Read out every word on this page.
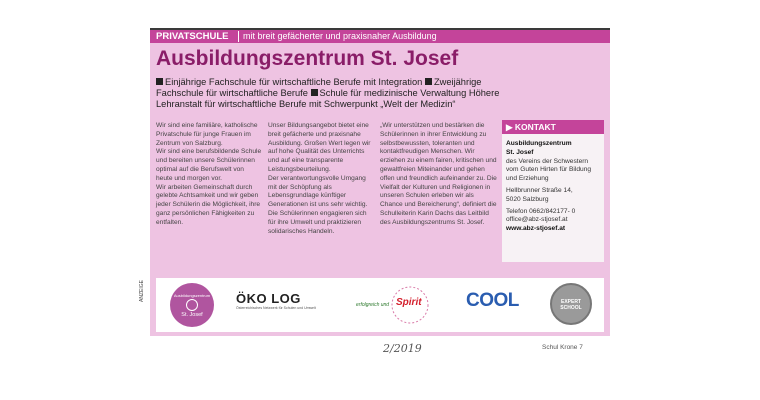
PRIVATSCHULE mit breit gefächerter und praxisnaher Ausbildung
Ausbildungszentrum St. Josef
Einjährige Fachschule für wirtschaftliche Berufe mit Integration Zweijährige Fachschule für wirtschaftliche Berufe Schule für medizinische Verwaltung Höhere Lehranstalt für wirtschaftliche Berufe mit Schwerpunkt „Welt der Medizin“

Wir sind eine familiäre, katholische Privatschule für junge Frauen im Zentrum von Salzburg.

Wir sind eine berufsbildende Schule und bereiten unsere Schülerinnen optimal auf die Berufswelt von heute und morgen vor.

Wir arbeiten Gemeinschaft durch gelebte Achtsamkeit und wir geben jeder Schülerin die Möglichkeit, ihre ganz persönlichen Fähigkeiten zu entfalten.

Unser Bildungsangebot bietet eine breit gefächerte und praxisnahe Ausbildung. Großen Wert legen wir auf hohe Qualität des Unterrichts und auf eine transparente Leistungsbeurteilung.

Der verantwortungsvolle Umgang mit der Schöpfung als Lebensgrundlage künftiger Generationen ist uns sehr wichtig. Die Schülerinnen engagieren sich für ihre Umwelt und praktizieren solidarisches Handeln.

„Wir unterstützen und bestärken die Schülerinnen in ihrer Entwicklung zu selbstbewussten, toleranten und kontaktfreudigen Menschen. Wir erziehen zu einem fairen, kritischen und gewaltfreien Miteinander und gehen offen und freundlich aufeinander zu. Die Vielfalt der Kulturen und Religionen in unseren Schulen erleben wir als Chance und Bereicherung“, definiert die Schulleiterin Karin Dachs das Leitbild des Ausbildungszentrums St. Josef.

▶ KONTAKT
Ausbildungszentrum
St. Josef
des Vereins der Schwestern vom Guten Hirten für Bildung und Erziehung
Hellbrunner Straße 14,
5020 Salzburg
Telefon 0662/842177- 0
office@abz-stjosef.at
www.abz-stjosef.at
Ausbildungszentrum
St. Josef
ÖKO LOG
Österreichisches Netzwerk für Schulen und Umwelt	erfolgreich und Spirit COOL	EXPERT SCHOOL
ANZEIGE
2/2019	Schul Krone 7
